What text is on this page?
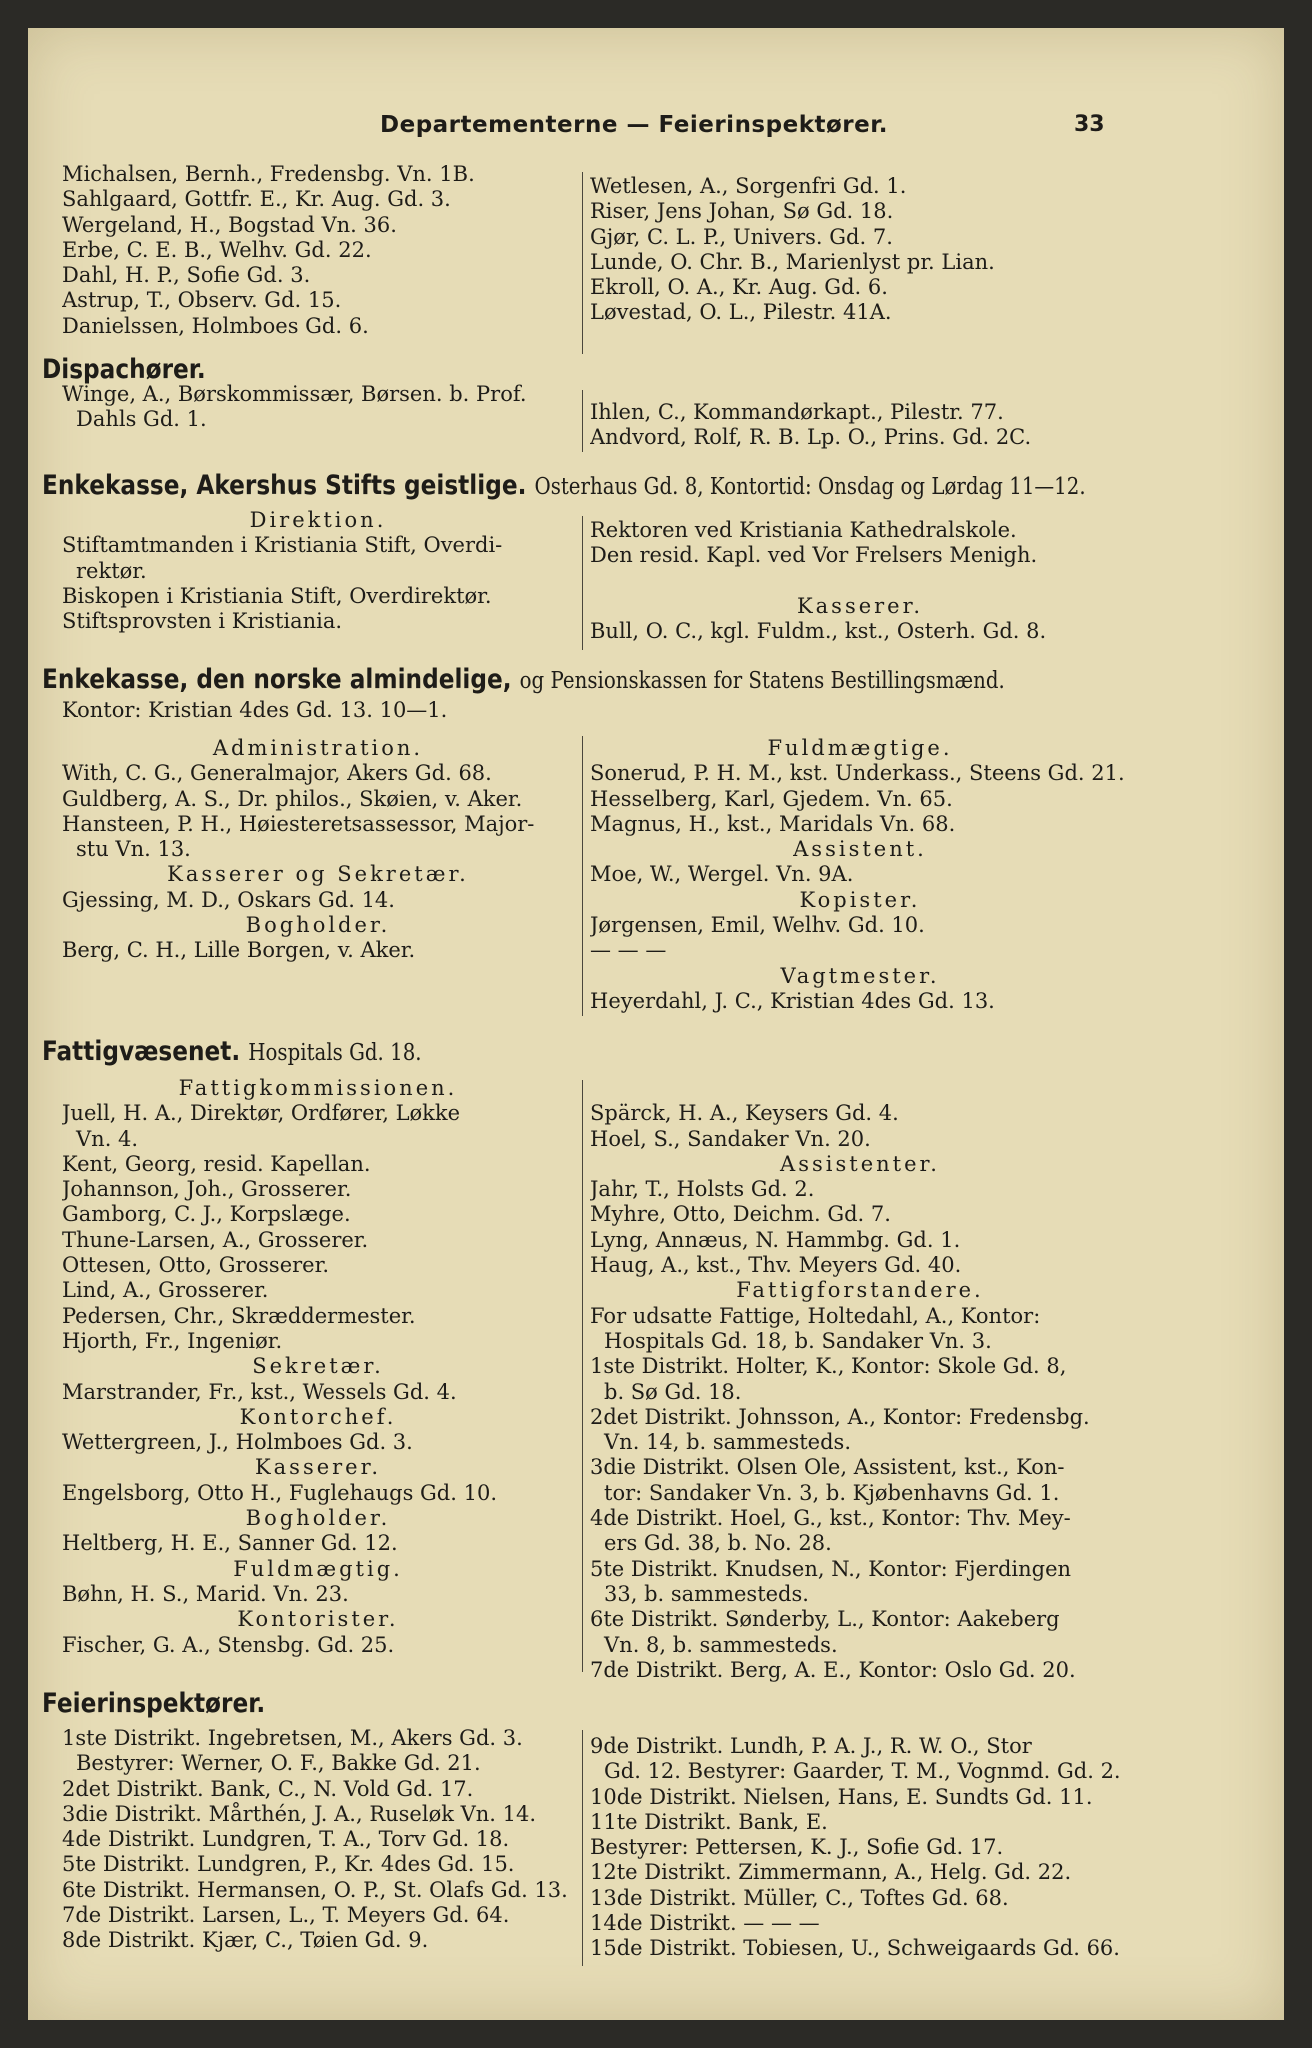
Departementerne — Feierinspektører.	33
Michalsen, Bernh., Fredensbg. Vn. 1B.
Sahlgaard, Gottfr. E., Kr. Aug. Gd. 3.
Wergeland, H., Bogstad Vn. 36.
Erbe, C. E. B., Welhv. Gd. 22.
Dahl, H. P., Sofie Gd. 3.
Astrup, T., Observ. Gd. 15.
Danielssen, Holmboes Gd. 6.
Wetlesen, A., Sorgenfri Gd. 1.
Riser, Jens Johan, Sø Gd. 18.
Gjør, C. L. P., Univers. Gd. 7.
Lunde, O. Chr. B., Marienlyst pr. Lian.
Ekroll, O. A., Kr. Aug. Gd. 6.
Løvestad, O. L., Pilestr. 41A.
Dispachører.
Winge, A., Børskommissær, Børsen. b. Prof.
Dahls Gd. 1.	Ihlen, C., Kommandørkapt., Pilestr. 77.
Andvord, Rolf, R. B. Lp. O., Prins. Gd. 2C.
Enkekasse, Akershus Stifts geistlige. Osterhaus Gd. 8, Kontortid: Onsdag og Lørdag 11—12.
Direktion.
Stiftamtmanden i Kristiania Stift, Overdi-
rektør.
Biskopen i Kristiania Stift, Overdirektør.
Stiftsprovsten i Kristiania.
Rektoren ved Kristiania Kathedralskole.
Den resid. Kapl. ved Vor Frelsers Menigh.

Kasserer.
Bull, O. C., kgl. Fuldm., kst., Osterh. Gd. 8.
Enkekasse, den norske almindelige, og Pensionskassen for Statens Bestillingsmænd.
Kontor: Kristian 4des Gd. 13. 10—1.
Administration.
With, C. G., Generalmajor, Akers Gd. 68.
Guldberg, A. S., Dr. philos., Skøien, v. Aker.
Hansteen, P. H., Høiesteretsassessor, Major-
stu Vn. 13.
Kasserer og Sekretær.
Gjessing, M. D., Oskars Gd. 14.
Bogholder.
Berg, C. H., Lille Borgen, v. Aker.
Fuldmægtige.
Sonerud, P. H. M., kst. Underkass., Steens Gd. 21.
Hesselberg, Karl, Gjedem. Vn. 65.
Magnus, H., kst., Maridals Vn. 68.
Assistent.
Moe, W., Wergel. Vn. 9A.
Kopister.
Jørgensen, Emil, Welhv. Gd. 10.
— — —
Vagtmester.
Heyerdahl, J. C., Kristian 4des Gd. 13.
Fattigvæsenet. Hospitals Gd. 18.
Fattigkommissionen.
Juell, H. A., Direktør, Ordfører, Løkke
Vn. 4.
Kent, Georg, resid. Kapellan.
Johannson, Joh., Grosserer.
Gamborg, C. J., Korpslæge.
Thune-Larsen, A., Grosserer.
Ottesen, Otto, Grosserer.
Lind, A., Grosserer.
Pedersen, Chr., Skræddermester.
Hjorth, Fr., Ingeniør.
Sekretær.
Marstrander, Fr., kst., Wessels Gd. 4.
Kontorchef.
Wettergreen, J., Holmboes Gd. 3.
Kasserer.
Engelsborg, Otto H., Fuglehaugs Gd. 10.
Bogholder.
Heltberg, H. E., Sanner Gd. 12.
Fuldmægtig.
Bøhn, H. S., Marid. Vn. 23.
Kontorister.
Fischer, G. A., Stensbg. Gd. 25.

Spärck, H. A., Keysers Gd. 4.
Hoel, S., Sandaker Vn. 20.
Assistenter.
Jahr, T., Holsts Gd. 2.
Myhre, Otto, Deichm. Gd. 7.
Lyng, Annæus, N. Hammbg. Gd. 1.
Haug, A., kst., Thv. Meyers Gd. 40.
Fattigforstandere.
For udsatte Fattige, Holtedahl, A., Kontor:
Hospitals Gd. 18, b. Sandaker Vn. 3.
1ste Distrikt. Holter, K., Kontor: Skole Gd. 8,
b. Sø Gd. 18.
2det Distrikt. Johnsson, A., Kontor: Fredensbg.
Vn. 14, b. sammesteds.
3die Distrikt. Olsen Ole, Assistent, kst., Kon-
tor: Sandaker Vn. 3, b. Kjøbenhavns Gd. 1.
4de Distrikt. Hoel, G., kst., Kontor: Thv. Mey-
ers Gd. 38, b. No. 28.
5te Distrikt. Knudsen, N., Kontor: Fjerdingen
33, b. sammesteds.
6te Distrikt. Sønderby, L., Kontor: Aakeberg
Vn. 8, b. sammesteds.
7de Distrikt. Berg, A. E., Kontor: Oslo Gd. 20.
Feierinspektører.
1ste Distrikt. Ingebretsen, M., Akers Gd. 3.
Bestyrer: Werner, O. F., Bakke Gd. 21.
2det Distrikt. Bank, C., N. Vold Gd. 17.
3die Distrikt. Mårthén, J. A., Ruseløk Vn. 14.
4de Distrikt. Lundgren, T. A., Torv Gd. 18.
5te Distrikt. Lundgren, P., Kr. 4des Gd. 15.
6te Distrikt. Hermansen, O. P., St. Olafs Gd. 13.
7de Distrikt. Larsen, L., T. Meyers Gd. 64.
8de Distrikt. Kjær, C., Tøien Gd. 9.
9de Distrikt. Lundh, P. A. J., R. W. O., Stor
Gd. 12. Bestyrer: Gaarder, T. M., Vognmd. Gd. 2.
10de Distrikt. Nielsen, Hans, E. Sundts Gd. 11.
11te Distrikt. Bank, E.
Bestyrer: Pettersen, K. J., Sofie Gd. 17.
12te Distrikt. Zimmermann, A., Helg. Gd. 22.
13de Distrikt. Müller, C., Toftes Gd. 68.
14de Distrikt. — — —
15de Distrikt. Tobiesen, U., Schweigaards Gd. 66.
